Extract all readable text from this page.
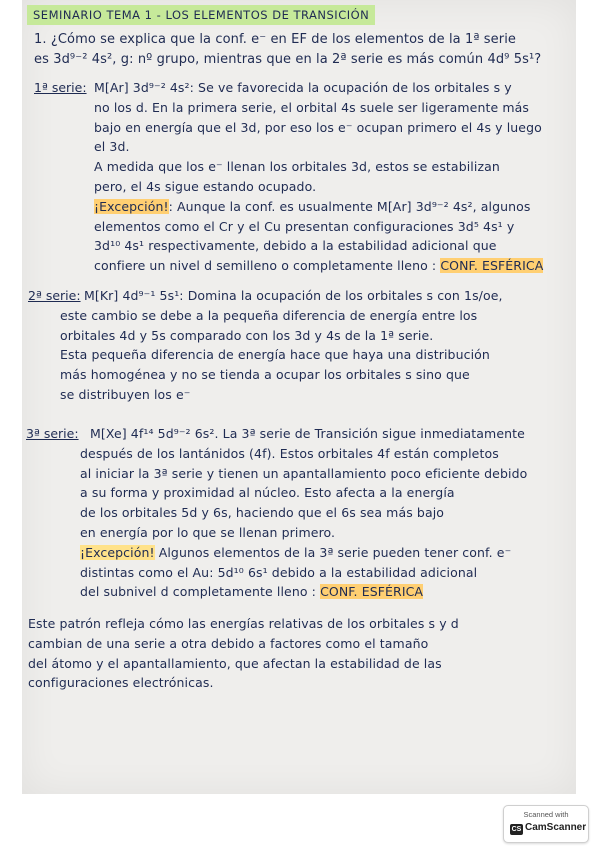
SEMINARIO TEMA 1 - LOS ELEMENTOS DE TRANSICIÓN
1. ¿Cómo se explica que la conf. e⁻ en EF de los elementos de la 1ª serie
es 3d⁹⁻² 4s², g: nº grupo, mientras que en la 2ª serie es más común 4d⁹ 5s¹?
1ª serie: M[Ar] 3d⁹⁻² 4s²: Se ve favorecida la ocupación de los orbitales s y
no los d. En la primera serie, el orbital 4s suele ser ligeramente más
bajo en energía que el 3d, por eso los e⁻ ocupan primero el 4s y luego
el 3d.
A medida que los e⁻ llenan los orbitales 3d, estos se estabilizan
pero, el 4s sigue estando ocupado.
¡Excepción!: Aunque la conf. es usualmente M[Ar] 3d⁹⁻² 4s², algunos
elementos como el Cr y el Cu presentan configuraciones 3d⁵ 4s¹ y
3d¹⁰ 4s¹ respectivamente, debido a la estabilidad adicional que
confiere un nivel d semilleno o completamente lleno : CONF. ESFÉRICA
2ª serie: M[Kr] 4d⁹⁻¹ 5s¹: Domina la ocupación de los orbitales s con 1s/oe,
este cambio se debe a la pequeña diferencia de energía entre los
orbitales 4d y 5s comparado con los 3d y 4s de la 1ª serie.
Esta pequeña diferencia de energía hace que haya una distribución
más homogénea y no se tienda a ocupar los orbitales s sino que
se distribuyen los e⁻
3ª serie: M[Xe] 4f¹⁴ 5d⁹⁻² 6s². La 3ª serie de Transición sigue inmediatamente
después de los lantánidos (4f). Estos orbitales 4f están completos
al iniciar la 3ª serie y tienen un apantallamiento poco eficiente debido
a su forma y proximidad al núcleo. Esto afecta a la energía
de los orbitales 5d y 6s, haciendo que el 6s sea más bajo
en energía por lo que se llenan primero.
¡Excepción! Algunos elementos de la 3ª serie pueden tener conf. e⁻
distintas como el Au: 5d¹⁰ 6s¹ debido a la estabilidad adicional
del subnivel d completamente lleno : CONF. ESFÉRICA
Este patrón refleja cómo las energías relativas de los orbitales s y d
cambian de una serie a otra debido a factores como el tamaño
del átomo y el apantallamiento, que afectan la estabilidad de las
configuraciones electrónicas.
Scanned with
CS CamScanner
